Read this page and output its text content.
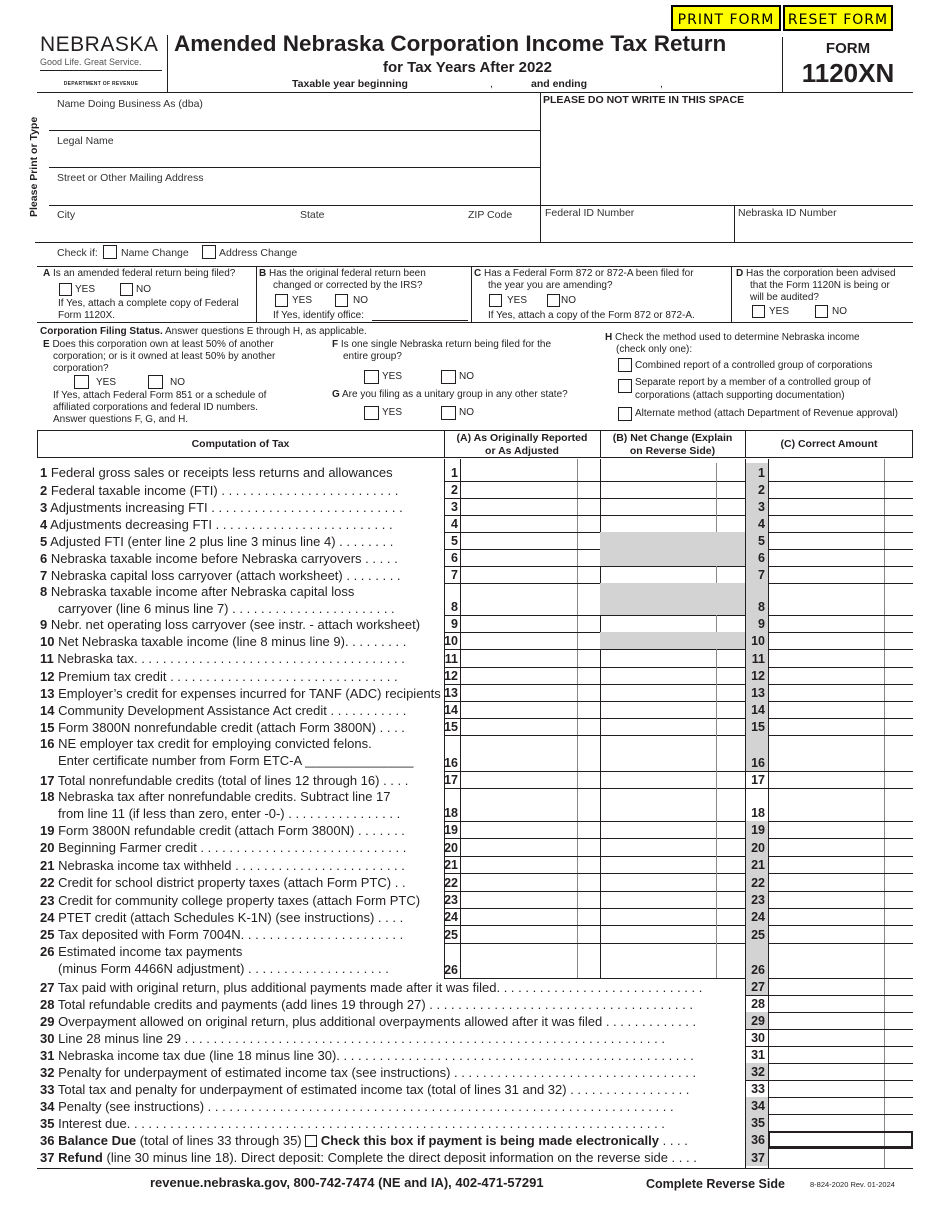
PRINT FORM RESET FORM
NEBRASKA
Good Life. Great Service.
DEPARTMENT OF REVENUE
Amended Nebraska Corporation Income Tax Return
for Tax Years After 2022
Taxable year beginning	,	and ending	,
FORM
1120XN
Please Print or Type
Name Doing Business As (dba)
Legal Name
Street or Other Mailing Address
City	State	ZIP Code
PLEASE DO NOT WRITE IN THIS SPACE
Federal ID Number	Nebraska ID Number
Check if: Name Change	Address Change
A Is an amended federal return being filed?
YES	NO
If Yes, attach a complete copy of Federal
Form 1120X.
B Has the original federal return been
changed or corrected by the IRS?
YES	NO
If Yes, identify office:
C Has a Federal Form 872 or 872-A been filed for
the year you are amending?
YES	NO
If Yes, attach a copy of the Form 872 or 872-A.
D Has the corporation been advised
that the Form 1120N is being or
will be audited?
YES	NO
Corporation Filing Status. Answer questions E through H, as applicable.
E Does this corporation own at least 50% of another
corporation; or is it owned at least 50% by another
corporation?
YES	NO
If Yes, attach Federal Form 851 or a schedule of
affiliated corporations and federal ID numbers.
Answer questions F, G, and H.
F Is one single Nebraska return being filed for the
entire group?
YES	NO
G Are you filing as a unitary group in any other state?
YES	NO
H Check the method used to determine Nebraska income
(check only one):
Combined report of a controlled group of corporations
Separate report by a member of a controlled group of
corporations (attach supporting documentation)
Alternate method (attach Department of Revenue approval)
Computation of Tax	(A) As Originally Reported
or As Adjusted
(B) Net Change (Explain
on Reverse Side)
(C) Correct Amount
1 Federal gross sales or receipts less returns and allowances	1	1
2 Federal taxable income (FTI) . . . . . . . . . . . . . . . . . . . . . . . . .	2	2
3 Adjustments increasing FTI . . . . . . . . . . . . . . . . . . . . . . . . . . .	3	3
4 Adjustments decreasing FTI . . . . . . . . . . . . . . . . . . . . . . . . .	4	4
5 Adjusted FTI (enter line 2 plus line 3 minus line 4) . . . . . . . .	5	5
6 Nebraska taxable income before Nebraska carryovers . . . . .	6	6
7 Nebraska capital loss carryover (attach worksheet) . . . . . . . .	7	7
8 Nebraska taxable income after Nebraska capital loss
carryover (line 6 minus line 7) . . . . . . . . . . . . . . . . . . . . . . .	8	8
9 Nebr. net operating loss carryover (see instr. - attach worksheet)	9	9
10 Net Nebraska taxable income (line 8 minus line 9). . . . . . . . .	10	10
11 Nebraska tax. . . . . . . . . . . . . . . . . . . . . . . . . . . . . . . . . . . . . .	11	11
12 Premium tax credit . . . . . . . . . . . . . . . . . . . . . . . . . . . . . . . .	12	12
13 Employer’s credit for expenses incurred for TANF (ADC) recipients 13	13
14 Community Development Assistance Act credit . . . . . . . . . . .	14	14
15 Form 3800N nonrefundable credit (attach Form 3800N) . . . .	15	15
16 NE employer tax credit for employing convicted felons.
Enter certificate number from Form ETC-A _______________ 16	16
17 Total nonrefundable credits (total of lines 12 through 16) . . . .	17	17
18 Nebraska tax after nonrefundable credits. Subtract line 17
from line 11 (if less than zero, enter -0-) . . . . . . . . . . . . . . . .	18	18
19 Form 3800N refundable credit (attach Form 3800N) . . . . . . .	19	19
20 Beginning Farmer credit . . . . . . . . . . . . . . . . . . . . . . . . . . . . .	20	20
21 Nebraska income tax withheld . . . . . . . . . . . . . . . . . . . . . . . .	21	21
22 Credit for school district property taxes (attach Form PTC) . .	22	22
23 Credit for community college property taxes (attach Form PTC) 23	23
24 PTET credit (attach Schedules K-1N) (see instructions) . . . .	24	24
25 Tax deposited with Form 7004N. . . . . . . . . . . . . . . . . . . . . . .	25	25
26 Estimated income tax payments
(minus Form 4466N adjustment) . . . . . . . . . . . . . . . . . . . .	26	26
27 Tax paid with original return, plus additional payments made after it was filed. . . . . . . . . . . . . . . . . . . . . . . . . . . . .	27
28 Total refundable credits and payments (add lines 19 through 27) . . . . . . . . . . . . . . . . . . . . . . . . . . . . . . . . . . . . .	28
29 Overpayment allowed on original return, plus additional overpayments allowed after it was filed . . . . . . . . . . . . .	29
30 Line 28 minus line 29 . . . . . . . . . . . . . . . . . . . . . . . . . . . . . . . . . . . . . . . . . . . . . . . . . . . . . . . . . . . . . . . . . . .	30
31 Nebraska income tax due (line 18 minus line 30). . . . . . . . . . . . . . . . . . . . . . . . . . . . . . . . . . . . . . . . . . . . . . . . . .	31
32 Penalty for underpayment of estimated income tax (see instructions) . . . . . . . . . . . . . . . . . . . . . . . . . . . . . . . . . .	32
33 Total tax and penalty for underpayment of estimated income tax (total of lines 31 and 32) . . . . . . . . . . . . . . . . .	33
34 Penalty (see instructions) . . . . . . . . . . . . . . . . . . . . . . . . . . . . . . . . . . . . . . . . . . . . . . . . . . . . . . . . . . . . . . . . .	34
35 Interest due. . . . . . . . . . . . . . . . . . . . . . . . . . . . . . . . . . . . . . . . . . . . . . . . . . . . . . . . . . . . . . . . . . . . . . . . . . .	35
36 Balance Due (total of lines 33 through 35) Check this box if payment is being made electronically . . . .	36
37 Refund (line 30 minus line 18). Direct deposit: Complete the direct deposit information on the reverse side . . . .	37
revenue.nebraska.gov, 800-742-7474 (NE and IA), 402-471-57291	Complete Reverse Side	8-824-2020 Rev. 01-2024
